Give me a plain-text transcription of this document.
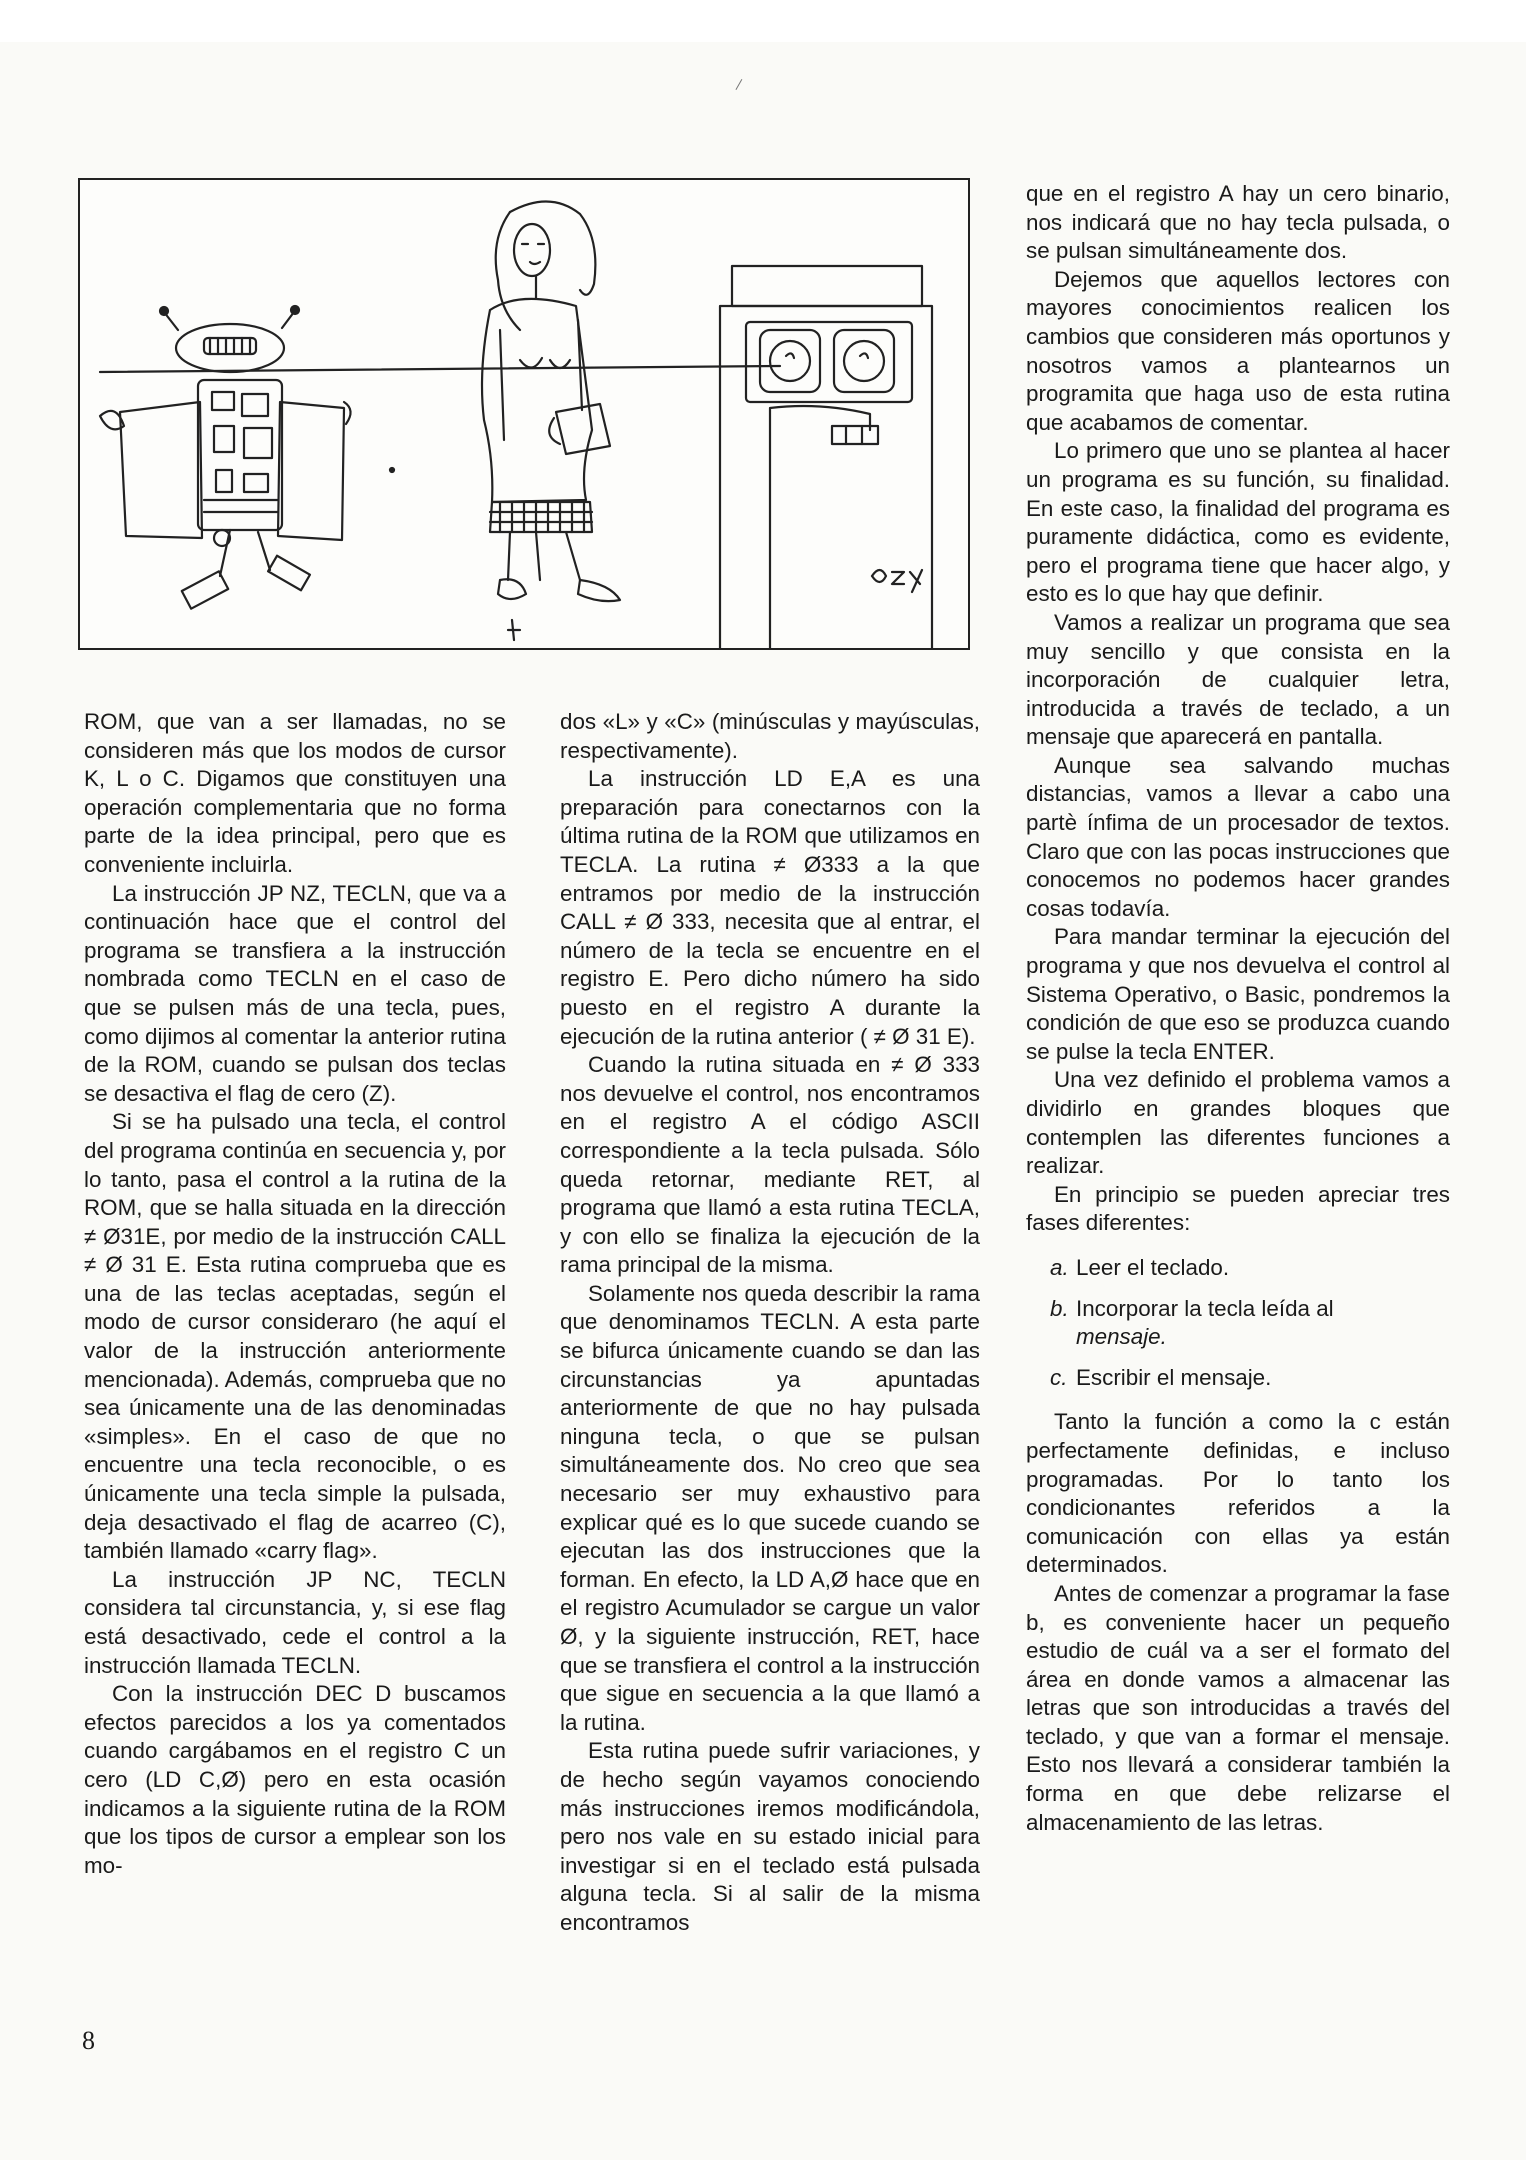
ROM, que van a ser llamadas, no se consideren más que los modos de cursor K, L o C. Digamos que constituyen una operación complementaria que no forma parte de la idea principal, pero que es conveniente incluirla.

La instrucción JP NZ, TECLN, que va a continuación hace que el control del programa se transfiera a la instrucción nombrada como TECLN en el caso de que se pulsen más de una tecla, pues, como dijimos al comentar la anterior rutina de la ROM, cuando se pulsan dos teclas se desactiva el flag de cero (Z).

Si se ha pulsado una tecla, el control del programa continúa en secuencia y, por lo tanto, pasa el control a la rutina de la ROM, que se halla situada en la dirección ≠ Ø31E, por medio de la instrucción CALL ≠ Ø 31 E. Esta rutina comprueba que es una de las teclas aceptadas, según el modo de cursor consideraro (he aquí el valor de la instrucción anteriormente mencionada). Además, comprueba que no sea únicamente una de las denominadas «simples». En el caso de que no encuentre una tecla reconocible, o es únicamente una tecla simple la pulsada, deja desactivado el flag de acarreo (C), también llamado «carry flag».

La instrucción JP NC, TECLN considera tal circunstancia, y, si ese flag está desactivado, cede el control a la instrucción llamada TECLN.

Con la instrucción DEC D buscamos efectos parecidos a los ya comentados cuando cargábamos en el registro C un cero (LD C,Ø) pero en esta ocasión indicamos a la siguiente rutina de la ROM que los tipos de cursor a emplear son los mo-

dos «L» y «C» (minúsculas y mayúsculas, respectivamente).

La instrucción LD E,A es una preparación para conectarnos con la última rutina de la ROM que utilizamos en TECLA. La rutina ≠ Ø333 a la que entramos por medio de la instrucción CALL ≠ Ø 333, necesita que al entrar, el número de la tecla se encuentre en el registro E. Pero dicho número ha sido puesto en el registro A durante la ejecución de la rutina anterior ( ≠ Ø 31 E).

Cuando la rutina situada en ≠ Ø 333 nos devuelve el control, nos encontramos en el registro A el código ASCII correspondiente a la tecla pulsada. Sólo queda retornar, mediante RET, al programa que llamó a esta rutina TECLA, y con ello se finaliza la ejecución de la rama principal de la misma.

Solamente nos queda describir la rama que denominamos TECLN. A esta parte se bifurca únicamente cuando se dan las circunstancias ya apuntadas anteriormente de que no hay pulsada ninguna tecla, o que se pulsan simultáneamente dos. No creo que sea necesario ser muy exhaustivo para explicar qué es lo que sucede cuando se ejecutan las dos instrucciones que la forman. En efecto, la LD A,Ø hace que en el registro Acumulador se cargue un valor Ø, y la siguiente instrucción, RET, hace que se transfiera el control a la instrucción que sigue en secuencia a la que llamó a la rutina.

Esta rutina puede sufrir variaciones, y de hecho según vayamos conociendo más instrucciones iremos modificándola, pero nos vale en su estado inicial para investigar si en el teclado está pulsada alguna tecla. Si al salir de la misma encontramos

que en el registro A hay un cero binario, nos indicará que no hay tecla pulsada, o se pulsan simultáneamente dos.

Dejemos que aquellos lectores con mayores conocimientos realicen los cambios que consideren más oportunos y nosotros vamos a plantearnos un programita que haga uso de esta rutina que acabamos de comentar.

Lo primero que uno se plantea al hacer un programa es su función, su finalidad. En este caso, la finalidad del programa es puramente didáctica, como es evidente, pero el programa tiene que hacer algo, y esto es lo que hay que definir.

Vamos a realizar un programa que sea muy sencillo y que consista en la incorporación de cualquier letra, introducida a través de teclado, a un mensaje que aparecerá en pantalla.

Aunque sea salvando muchas distancias, vamos a llevar a cabo una partè ínfima de un procesador de textos. Claro que con las pocas instrucciones que conocemos no podemos hacer grandes cosas todavía.

Para mandar terminar la ejecución del programa y que nos devuelva el control al Sistema Operativo, o Basic, pondremos la condición de que eso se produzca cuando se pulse la tecla ENTER.

Una vez definido el problema vamos a dividirlo en grandes bloques que contemplen las diferentes funciones a realizar.

En principio se pueden apreciar tres fases diferentes:

a. Leer el teclado.
b. Incorporar la tecla leída al
mensaje.
c. Escribir el mensaje.

Tanto la función a como la c están perfectamente definidas, e incluso programadas. Por lo tanto los condicionantes referidos a la comunicación con ellas ya están determinados.

Antes de comenzar a programar la fase b, es conveniente hacer un pequeño estudio de cuál va a ser el formato del área en donde vamos a almacenar las letras que son introducidas a través del teclado, y que van a formar el mensaje. Esto nos llevará a considerar también la forma en que debe relizarse el almacenamiento de las letras.

8
